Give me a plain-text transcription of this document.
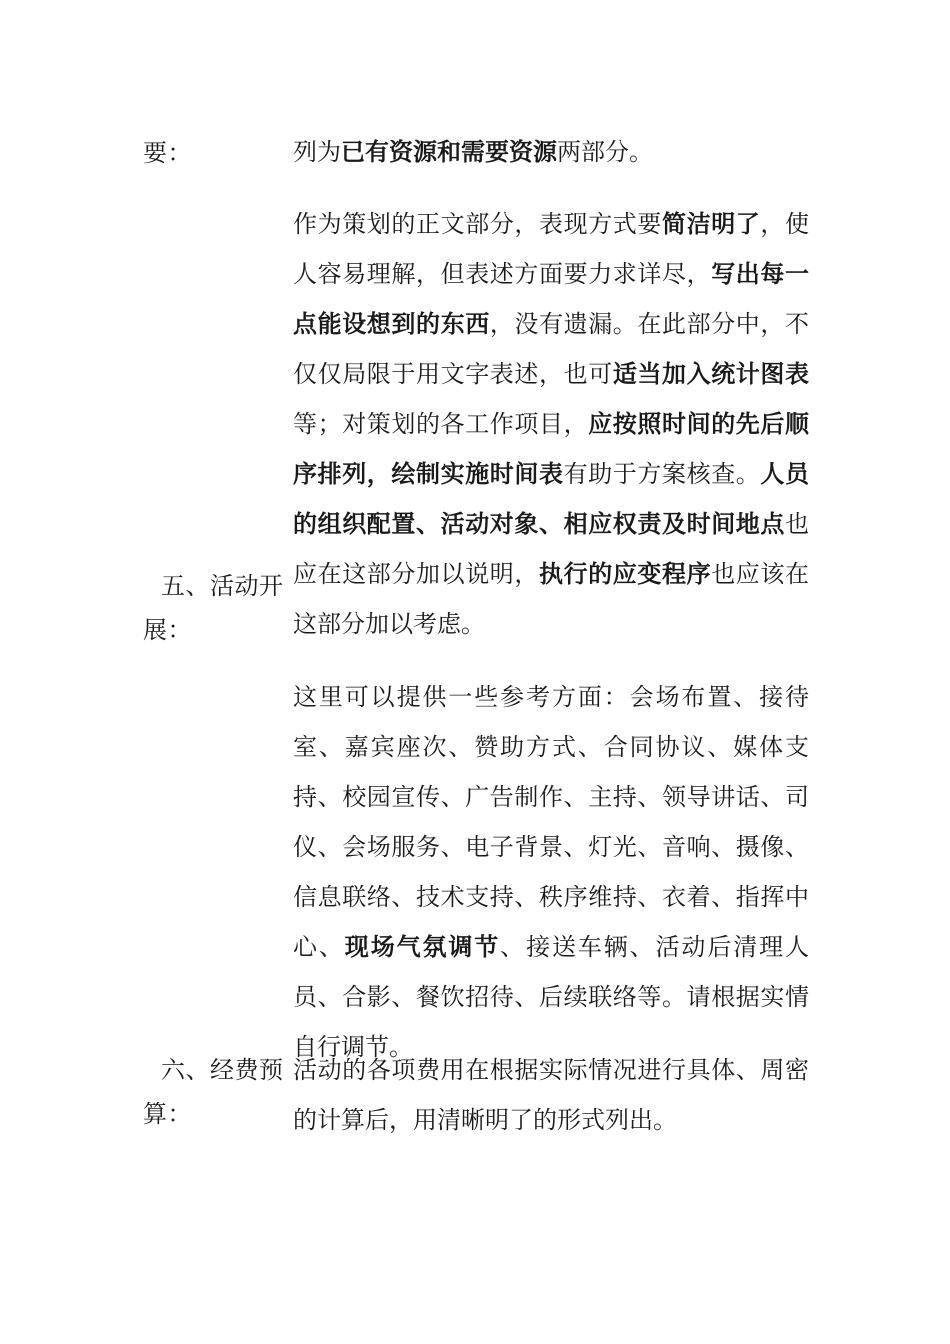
要：	列为已有资源和需要资源两部分。
五、活动开
展：
作为策划的正文部分，表现方式要简洁明了，使人容易理解，但表述方面要力求详尽，写出每一点能设想到的东西，没有遗漏。在此部分中，不仅仅局限于用文字表述，也可适当加入统计图表等；对策划的各工作项目，应按照时间的先后顺序排列，绘制实施时间表有助于方案核查。人员的组织配置、活动对象、相应权责及时间地点也应在这部分加以说明，执行的应变程序也应该在这部分加以考虑。
这里可以提供一些参考方面：会场布置、接待室、嘉宾座次、赞助方式、合同协议、媒体支持、校园宣传、广告制作、主持、领导讲话、司仪、会场服务、电子背景、灯光、音响、摄像、信息联络、技术支持、秩序维持、衣着、指挥中心、现场气氛调节、接送车辆、活动后清理人员、合影、餐饮招待、后续联络等。请根据实情自行调节。
六、经费预
算：
活动的各项费用在根据实际情况进行具体、周密的计算后，用清晰明了的形式列出。
